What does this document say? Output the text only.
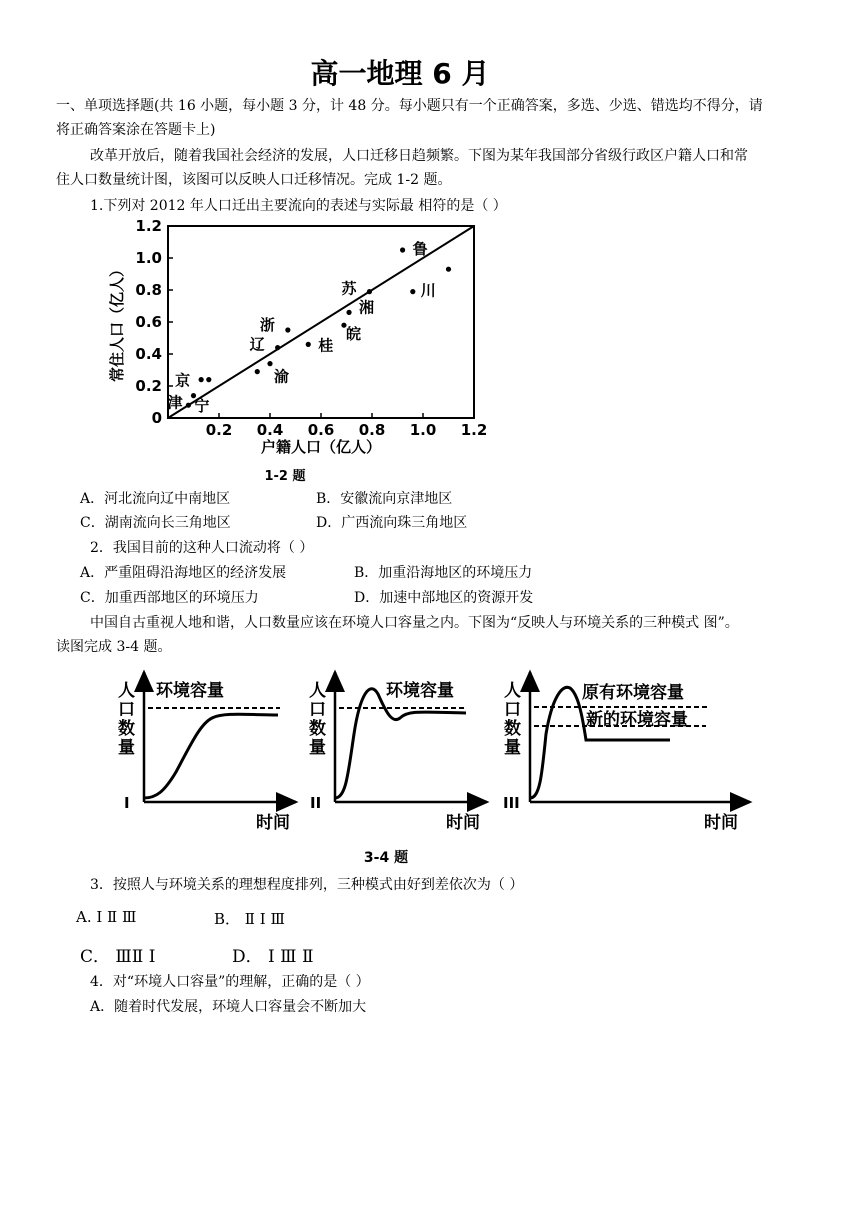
高一地理 6 月
一、单项选择题(共 16 小题，每小题 3 分，计 48 分。每小题只有一个正确答案，多选、少选、错选均不得分，请
将正确答案涂在答题卡上)
改革开放后，随着我国社会经济的发展，人口迁移日趋频繁。下图为某年我国部分省级行政区户籍人口和常
住人口数量统计图，该图可以反映人口迁移情况。完成 1-2 题。
1.下列对 2012 年人口迁出主要流向的表述与实际最 相符的是（ ）
0
0.2
0.4
0.6
0.8
1.0
1.2
0.2 0.4 0.6 0.8 1.0 1.2
户籍人口（亿人）
常住人口（亿人）	京
津 宁
浙
辽
渝
桂
苏
湘
皖
鲁
川
1-2 题
A．河北流向辽中南地区	B．安徽流向京津地区
C．湖南流向长三角地区	D．广西流向珠三角地区
2．我国目前的这种人口流动将（ ）
A．严重阻碍沿海地区的经济发展	B．加重沿海地区的环境压力
C．加重西部地区的环境压力	D．加速中部地区的资源开发
中国自古重视人地和谐，人口数量应该在环境人口容量之内。下图为“反映人与环境关系的三种模式 图”。
读图完成 3-4 题。
人
口
数
量
I
时间
环境容量	人
口
数
量
II
时间
环境容量	人
口
数
量
III
时间
原有环境容量
新的环境容量
3-4 题
3．按照人与环境关系的理想程度排列，三种模式由好到差依次为（ ）
A. Ⅰ Ⅱ Ⅲ	B． Ⅱ Ⅰ Ⅲ
C． ⅢⅡ Ⅰ	D． Ⅰ Ⅲ Ⅱ
4．对“环境人口容量”的理解，正确的是（ ）
A．随着时代发展，环境人口容量会不断加大
